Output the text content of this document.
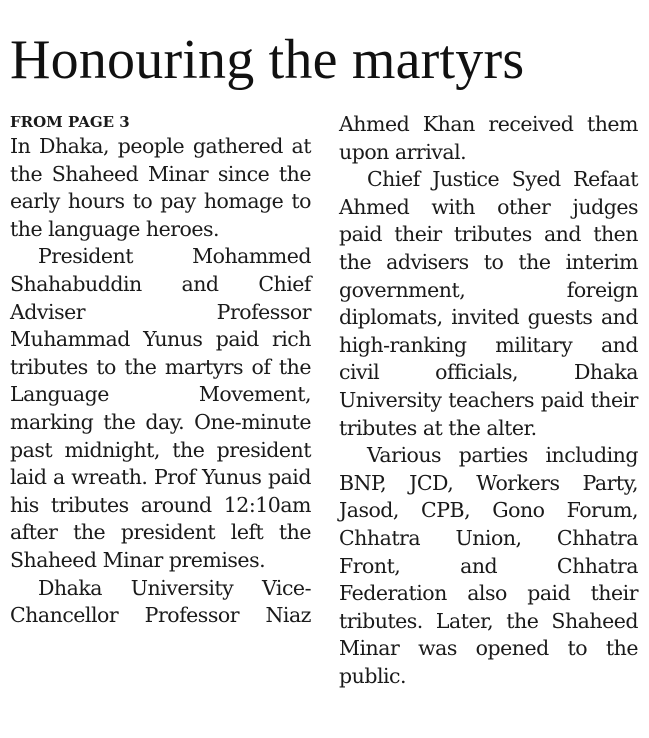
Honouring the martyrs

FROM PAGE 3

In Dhaka, people gathered at the Shaheed Minar since the early hours to pay homage to the language heroes.

President Mohammed Shahabuddin and Chief Adviser Professor Muhammad Yunus paid rich tributes to the martyrs of the Language Movement, marking the day. One-minute past midnight, the president laid a wreath. Prof Yunus paid his tributes around 12:10am after the president left the Shaheed Minar premises.

Dhaka University Vice-Chancellor Professor Niaz

Ahmed Khan received them upon arrival.

Chief Justice Syed Refaat Ahmed with other judges paid their tributes and then the advisers to the interim government, foreign diplomats, invited guests and high-ranking military and civil officials, Dhaka University teachers paid their tributes at the alter.

Various parties including BNP, JCD, Workers Party, Jasod, CPB, Gono Forum, Chhatra Union, Chhatra Front, and Chhatra Federation also paid their tributes. Later, the Shaheed Minar was opened to the public.
